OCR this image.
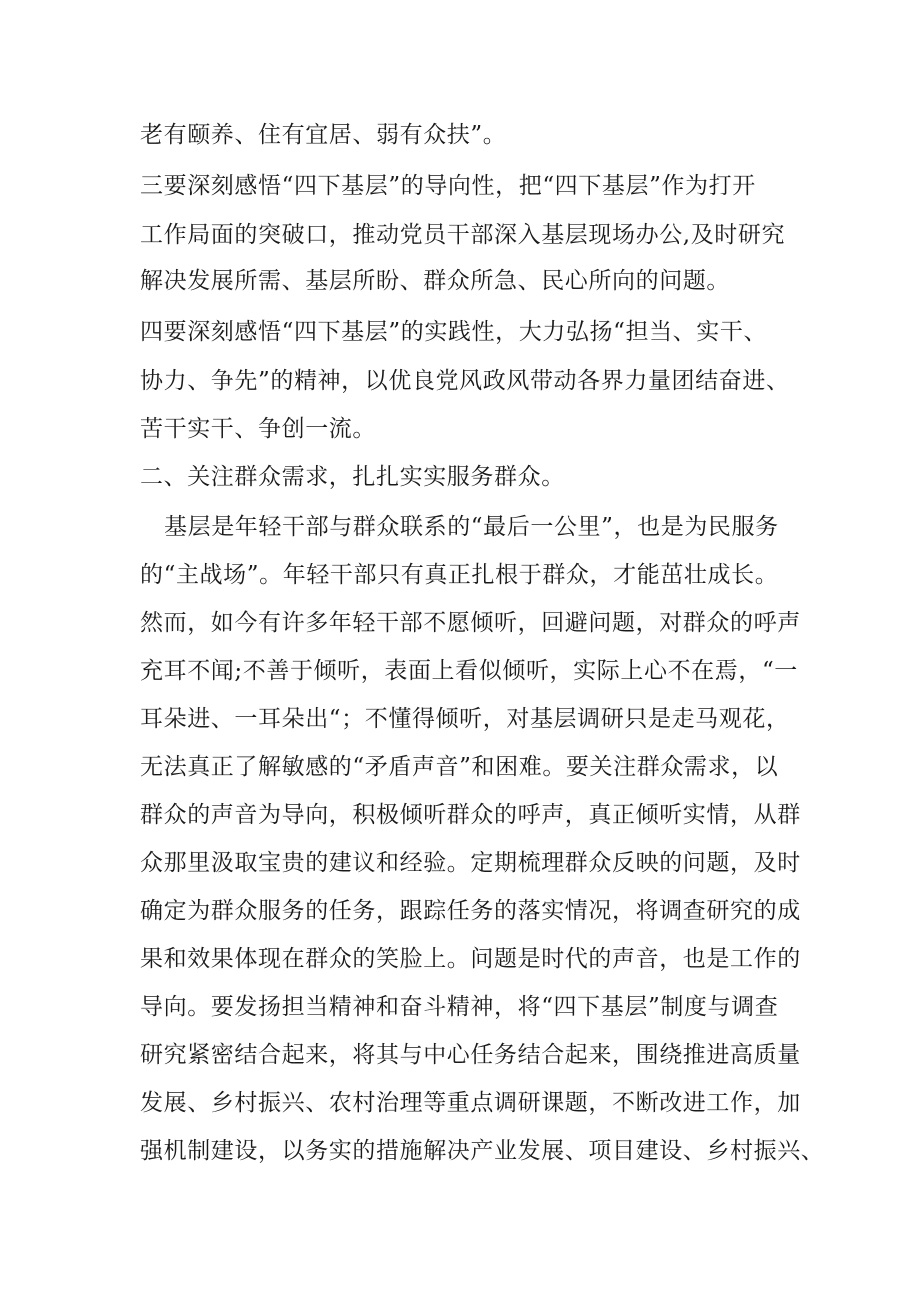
老有颐养、住有宜居、弱有众扶”。
三要深刻感悟“四下基层”的导向性，把“四下基层”作为打开
工作局面的突破口，推动党员干部深入基层现场办公,及时研究
解决发展所需、基层所盼、群众所急、民心所向的问题。
四要深刻感悟“四下基层”的实践性，大力弘扬“担当、实干、
协力、争先”的精神，以优良党风政风带动各界力量团结奋进、
苦干实干、争创一流。
二、关注群众需求，扎扎实实服务群众。
基层是年轻干部与群众联系的“最后一公里”，也是为民服务
的“主战场”。年轻干部只有真正扎根于群众，才能茁壮成长。
然而，如今有许多年轻干部不愿倾听，回避问题，对群众的呼声
充耳不闻;不善于倾听，表面上看似倾听，实际上心不在焉，“一
耳朵进、一耳朵出“；不懂得倾听，对基层调研只是走马观花，
无法真正了解敏感的“矛盾声音”和困难。要关注群众需求，以
群众的声音为导向，积极倾听群众的呼声，真正倾听实情，从群
众那里汲取宝贵的建议和经验。定期梳理群众反映的问题，及时
确定为群众服务的任务，跟踪任务的落实情况，将调查研究的成
果和效果体现在群众的笑脸上。问题是时代的声音，也是工作的
导向。要发扬担当精神和奋斗精神，将“四下基层”制度与调查
研究紧密结合起来，将其与中心任务结合起来，围绕推进高质量
发展、乡村振兴、农村治理等重点调研课题，不断改进工作，加
强机制建设，以务实的措施解决产业发展、项目建设、乡村振兴、
